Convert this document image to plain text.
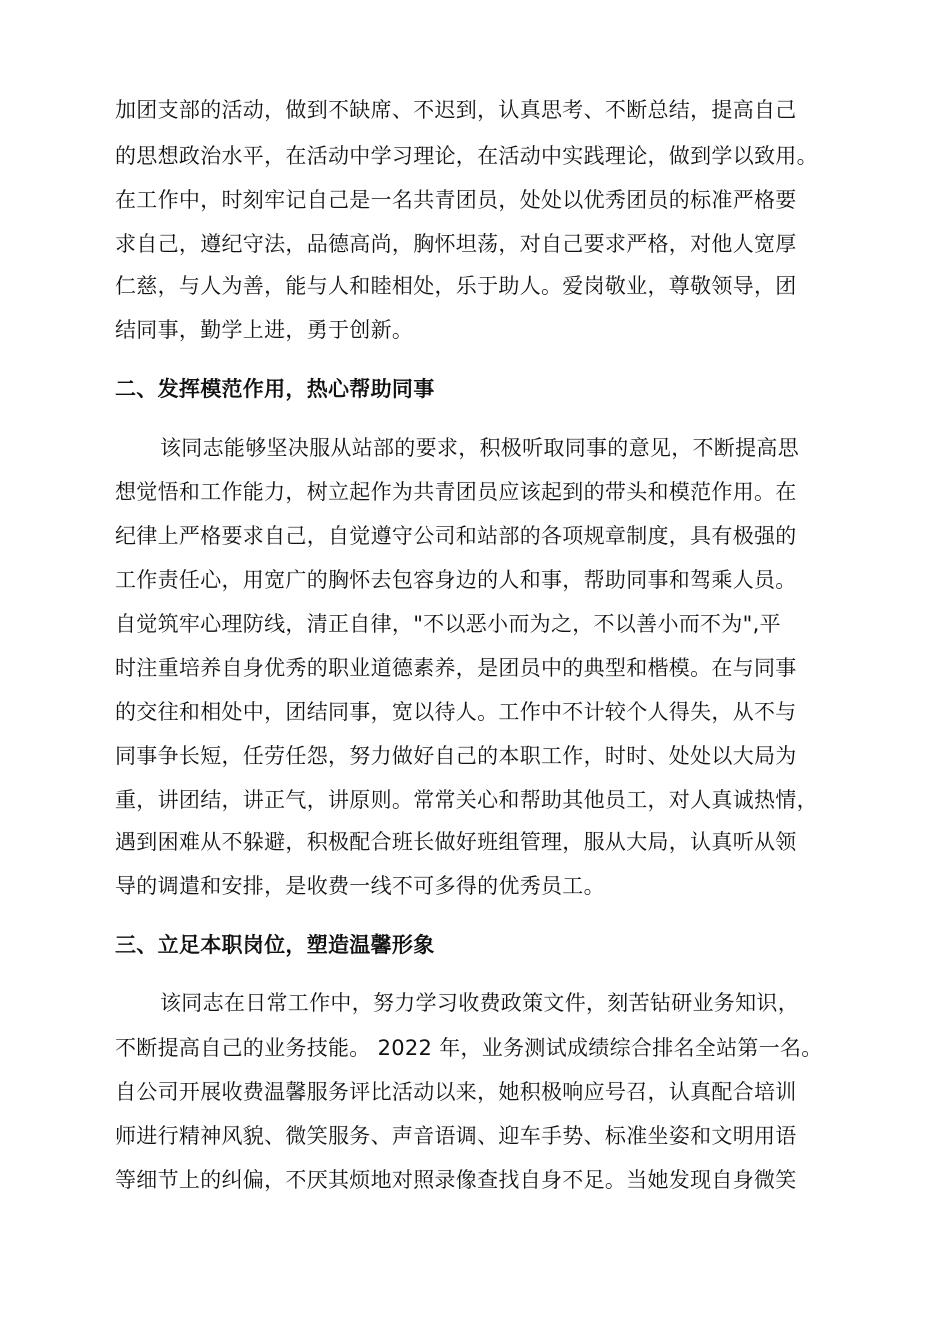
加团支部的活动，做到不缺席、不迟到，认真思考、不断总结，提高自己
的思想政治水平，在活动中学习理论，在活动中实践理论，做到学以致用。
在工作中，时刻牢记自己是一名共青团员，处处以优秀团员的标准严格要
求自己，遵纪守法，品德高尚，胸怀坦荡，对自己要求严格，对他人宽厚
仁慈，与人为善，能与人和睦相处，乐于助人。爱岗敬业，尊敬领导，团
结同事，勤学上进，勇于创新。
二、发挥模范作用，热心帮助同事
该同志能够坚决服从站部的要求，积极听取同事的意见，不断提高思
想觉悟和工作能力，树立起作为共青团员应该起到的带头和模范作用。在
纪律上严格要求自己，自觉遵守公司和站部的各项规章制度，具有极强的
工作责任心，用宽广的胸怀去包容身边的人和事，帮助同事和驾乘人员。
自觉筑牢心理防线，清正自律，"不以恶小而为之，不以善小而不为",平
时注重培养自身优秀的职业道德素养，是团员中的典型和楷模。在与同事
的交往和相处中，团结同事，宽以待人。工作中不计较个人得失，从不与
同事争长短，任劳任怨，努力做好自己的本职工作，时时、处处以大局为
重，讲团结，讲正气，讲原则。常常关心和帮助其他员工，对人真诚热情，
遇到困难从不躲避，积极配合班长做好班组管理，服从大局，认真听从领
导的调遣和安排，是收费一线不可多得的优秀员工。
三、立足本职岗位，塑造温馨形象
该同志在日常工作中，努力学习收费政策文件，刻苦钻研业务知识，
不断提高自己的业务技能。 2022 年，业务测试成绩综合排名全站第一名。
自公司开展收费温馨服务评比活动以来，她积极响应号召，认真配合培训
师进行精神风貌、微笑服务、声音语调、迎车手势、标准坐姿和文明用语
等细节上的纠偏，不厌其烦地对照录像查找自身不足。当她发现自身微笑
